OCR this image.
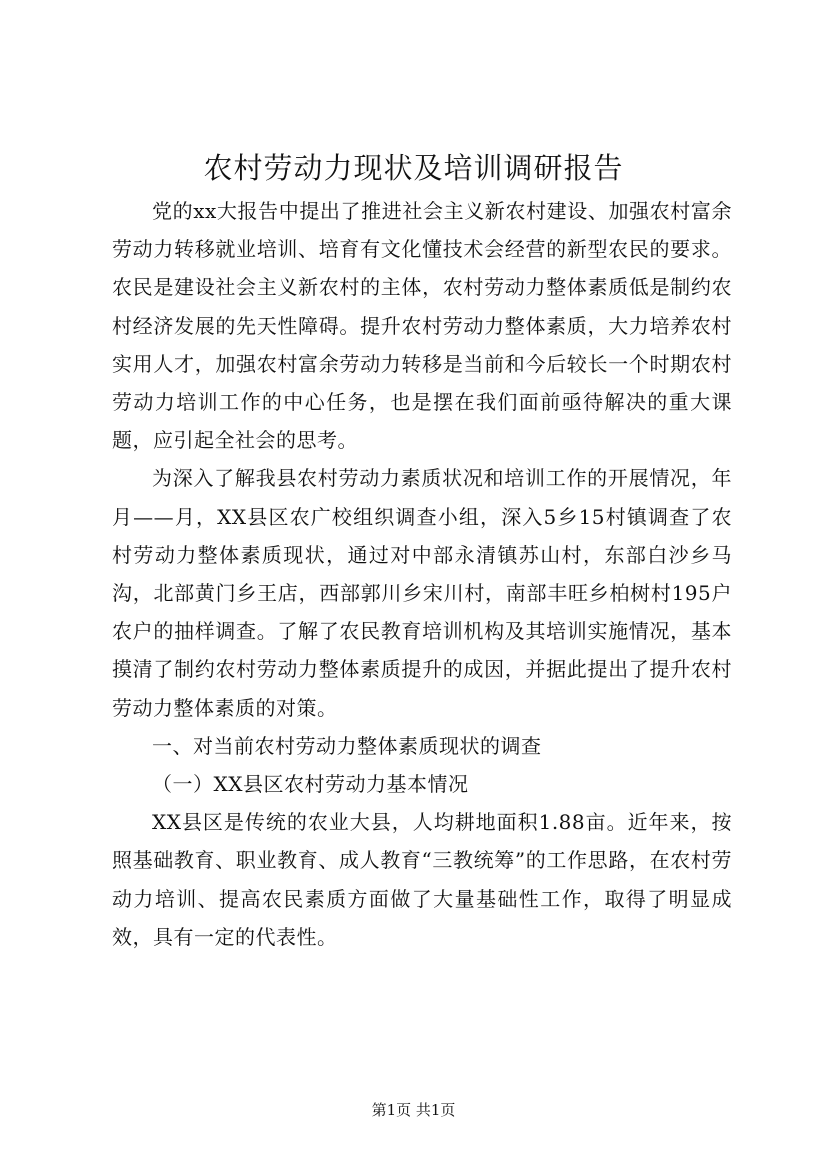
农村劳动力现状及培训调研报告

党的xx大报告中提出了推进社会主义新农村建设、加强农村富余劳动力转移就业培训、培育有文化懂技术会经营的新型农民的要求。农民是建设社会主义新农村的主体，农村劳动力整体素质低是制约农村经济发展的先天性障碍。提升农村劳动力整体素质，大力培养农村实用人才，加强农村富余劳动力转移是当前和今后较长一个时期农村劳动力培训工作的中心任务，也是摆在我们面前亟待解决的重大课题，应引起全社会的思考。

为深入了解我县农村劳动力素质状况和培训工作的开展情况，年月——月，XX县区农广校组织调查小组，深入5乡15村镇调查了农村劳动力整体素质现状，通过对中部永清镇苏山村，东部白沙乡马沟，北部黄门乡王店，西部郭川乡宋川村，南部丰旺乡柏树村195户农户的抽样调查。了解了农民教育培训机构及其培训实施情况，基本摸清了制约农村劳动力整体素质提升的成因，并据此提出了提升农村劳动力整体素质的对策。

一、对当前农村劳动力整体素质现状的调查

（一）XX县区农村劳动力基本情况

XX县区是传统的农业大县，人均耕地面积1.88亩。近年来，按照基础教育、职业教育、成人教育“三教统筹”的工作思路，在农村劳动力培训、提高农民素质方面做了大量基础性工作，取得了明显成效，具有一定的代表性。

第1页 共1页
